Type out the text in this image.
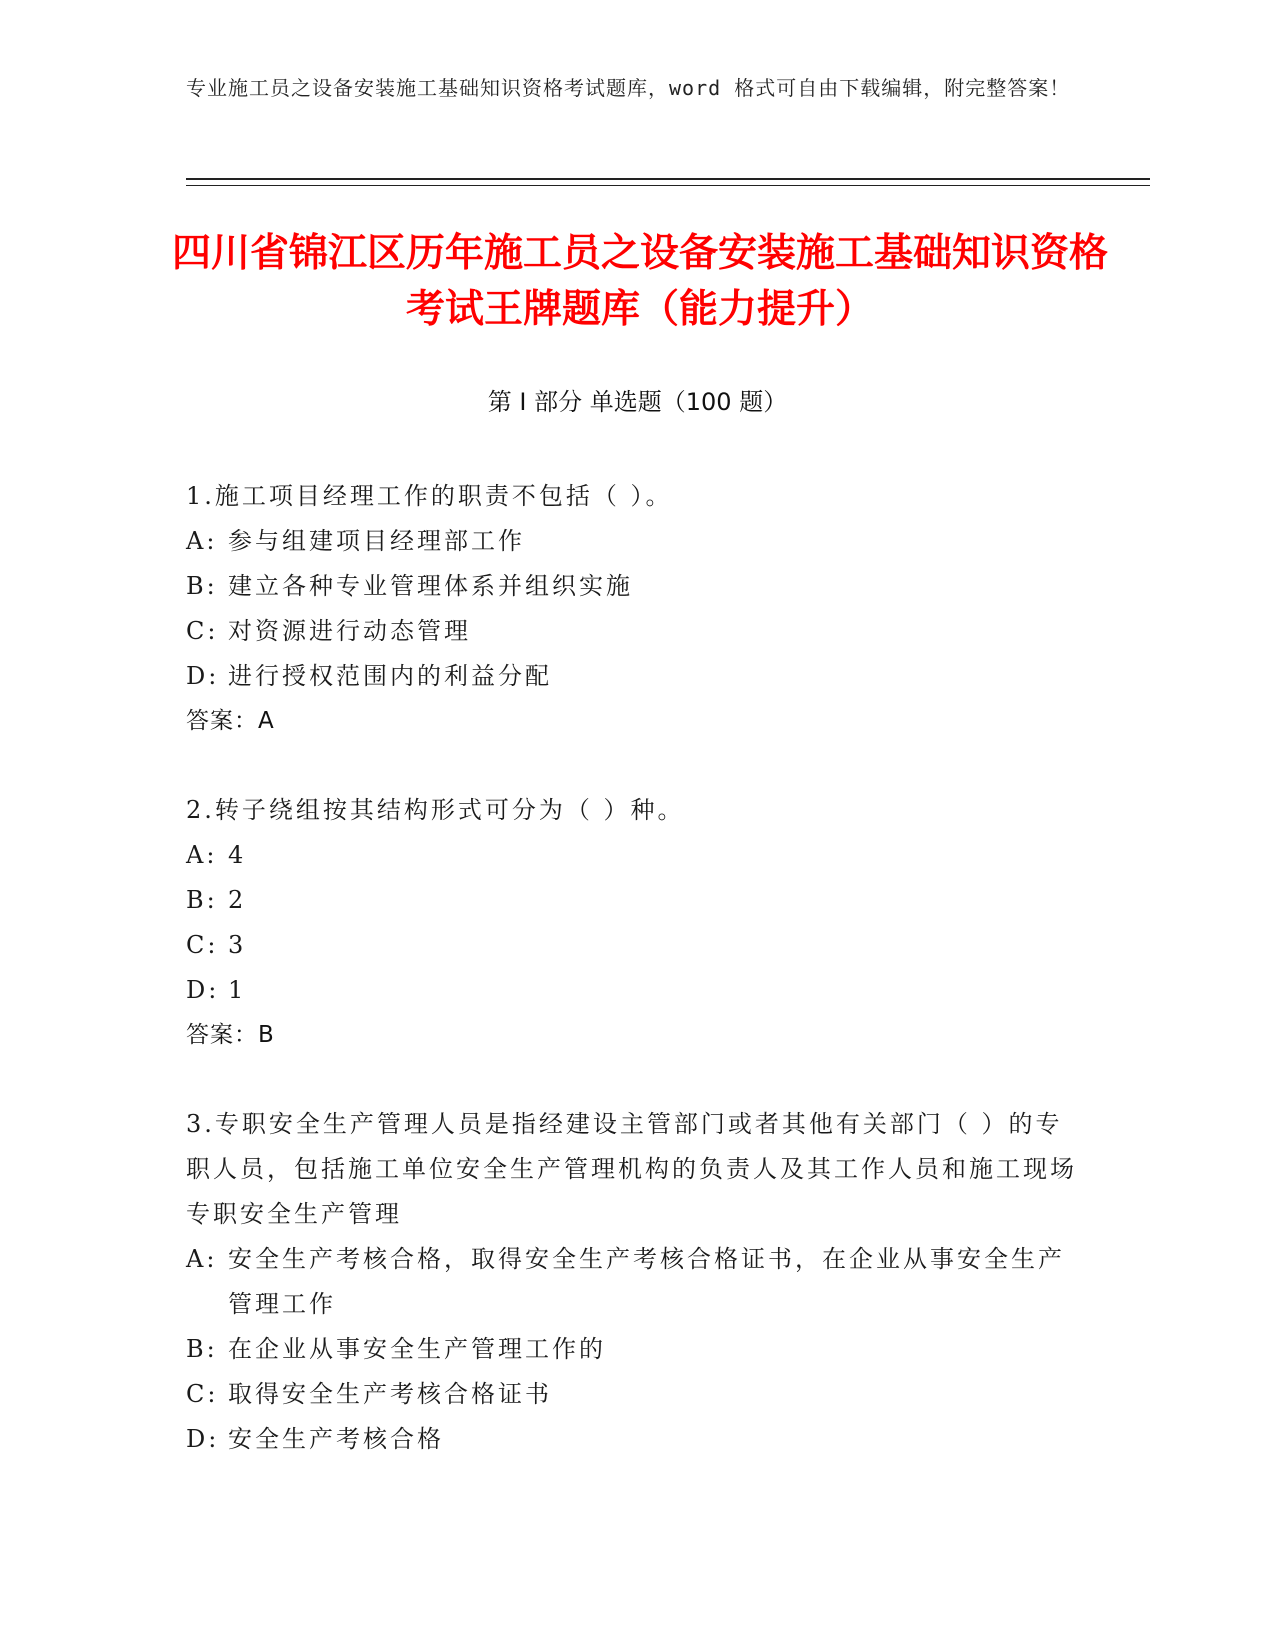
专业施工员之设备安装施工基础知识资格考试题库，word 格式可自由下载编辑，附完整答案！
四川省锦江区历年施工员之设备安装施工基础知识资格考试王牌题库（能力提升）
第 I 部分 单选题（100 题）
1.施工项目经理工作的职责不包括（ ）。
A: 参与组建项目经理部工作
B: 建立各种专业管理体系并组织实施
C: 对资源进行动态管理
D: 进行授权范围内的利益分配
答案：A
2.转子绕组按其结构形式可分为（ ）种。
A: 4
B: 2
C: 3
D: 1
答案：B
3.专职安全生产管理人员是指经建设主管部门或者其他有关部门（ ）的专职人员，包括施工单位安全生产管理机构的负责人及其工作人员和施工现场专职安全生产管理
A: 安全生产考核合格，取得安全生产考核合格证书，在企业从事安全生产管理工作
B: 在企业从事安全生产管理工作的
C: 取得安全生产考核合格证书
D: 安全生产考核合格
